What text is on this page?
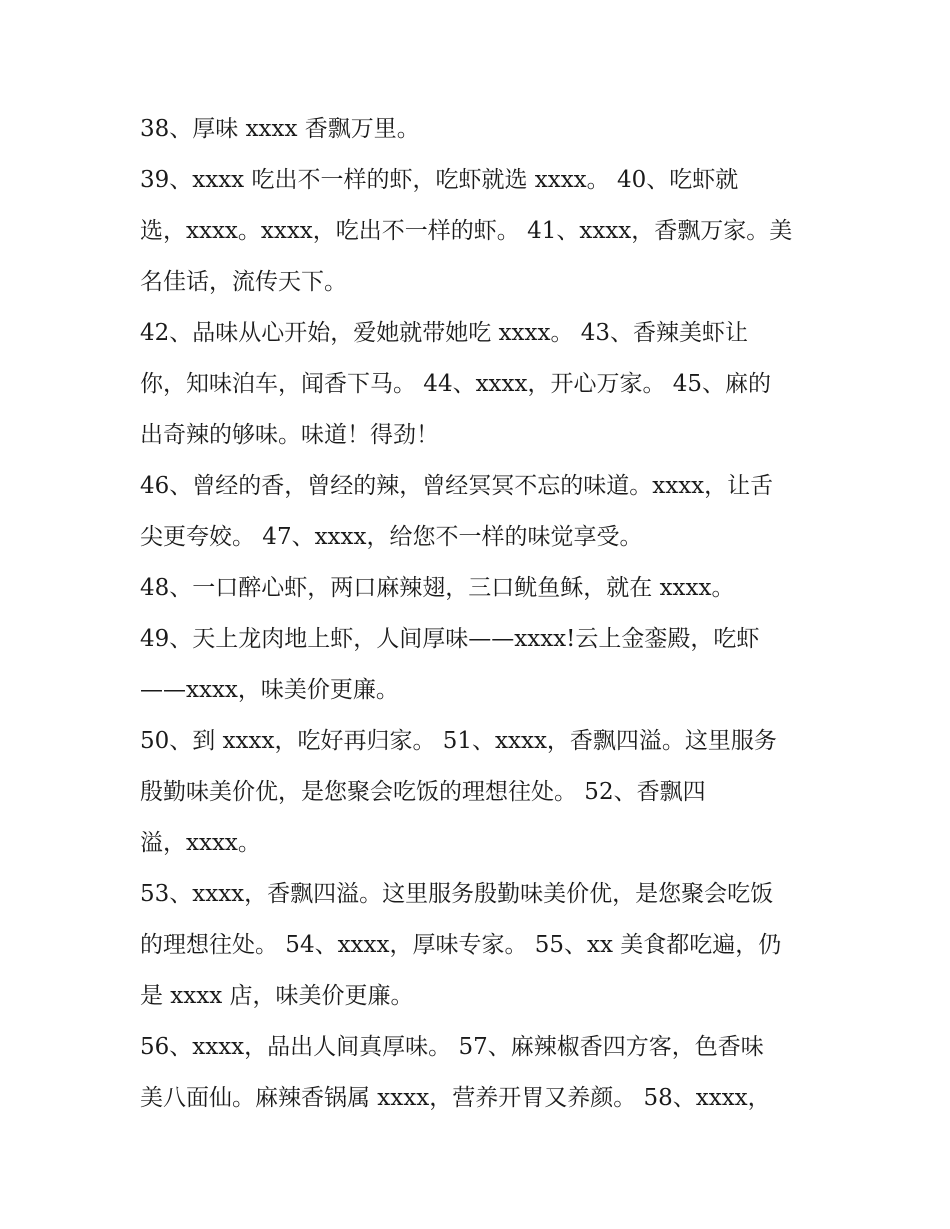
38、厚味 xxxx 香飘万里。
39、xxxx 吃出不一样的虾，吃虾就选 xxxx。 40、吃虾就
选，xxxx。xxxx，吃出不一样的虾。 41、xxxx，香飘万家。美
名佳话，流传天下。
42、品味从心开始，爱她就带她吃 xxxx。 43、香辣美虾让
你，知味泊车，闻香下马。 44、xxxx，开心万家。 45、麻的
出奇辣的够味。味道！得劲！
46、曾经的香，曾经的辣，曾经冥冥不忘的味道。xxxx，让舌
尖更夸姣。 47、xxxx，给您不一样的味觉享受。
48、一口醉心虾，两口麻辣翅，三口鱿鱼稣，就在 xxxx。
49、天上龙肉地上虾，人间厚味——xxxx!云上金銮殿，吃虾
——xxxx，味美价更廉。
50、到 xxxx，吃好再归家。 51、xxxx，香飘四溢。这里服务
殷勤味美价优，是您聚会吃饭的理想往处。 52、香飘四
溢，xxxx。
53、xxxx，香飘四溢。这里服务殷勤味美价优，是您聚会吃饭
的理想往处。 54、xxxx，厚味专家。 55、xx 美食都吃遍，仍
是 xxxx 店，味美价更廉。
56、xxxx，品出人间真厚味。 57、麻辣椒香四方客，色香味
美八面仙。麻辣香锅属 xxxx，营养开胃又养颜。 58、xxxx，
